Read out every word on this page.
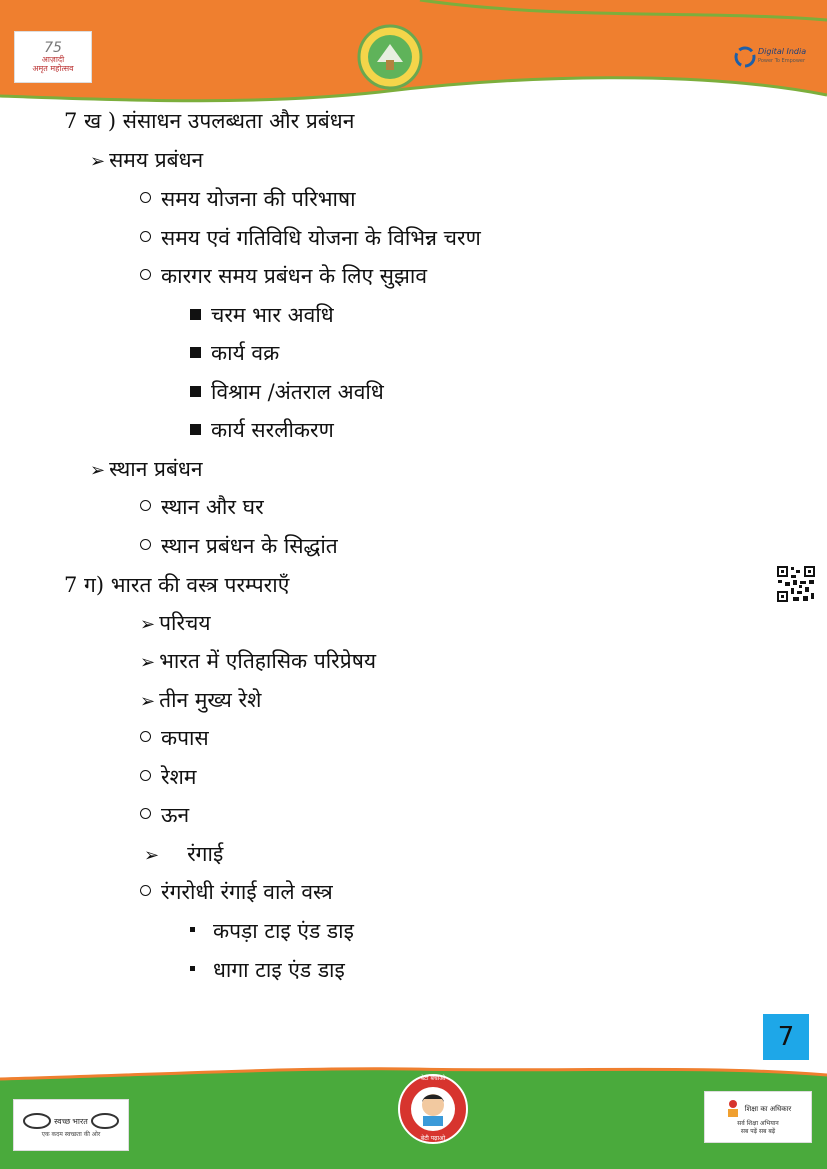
75
आज़ादी
अमृत महोत्सव
Digital India
Power To Empower
7 ख ) संसाधन उपलब्धता और प्रबंधन
➢ समय प्रबंधन
समय योजना की परिभाषा
समय एवं गतिविधि योजना के विभिन्न चरण
कारगर समय प्रबंधन के लिए सुझाव
चरम भार अवधि
कार्य वक्र
विश्राम /अंतराल अवधि
कार्य सरलीकरण
➢ स्थान प्रबंधन
स्थान और घर
स्थान प्रबंधन के सिद्धांत
7 ग) भारत की वस्त्र परम्पराएँ
➢ परिचय
➢ भारत में एतिहासिक परिप्रेषय
➢ तीन मुख्य रेशे
कपास
रेशम
ऊन
➢ रंगाई
रंगरोधी रंगाई वाले वस्त्र
कपड़ा टाइ एंड डाइ
धागा टाइ एंड डाइ
7
स्वच्छ भारत
एक कदम स्वच्छता की ओर
बेटी बचाओ
बेटी पढ़ाओ
शिक्षा का अधिकार
सर्व शिक्षा अभियान
सब पढ़ें सब बढ़ें
